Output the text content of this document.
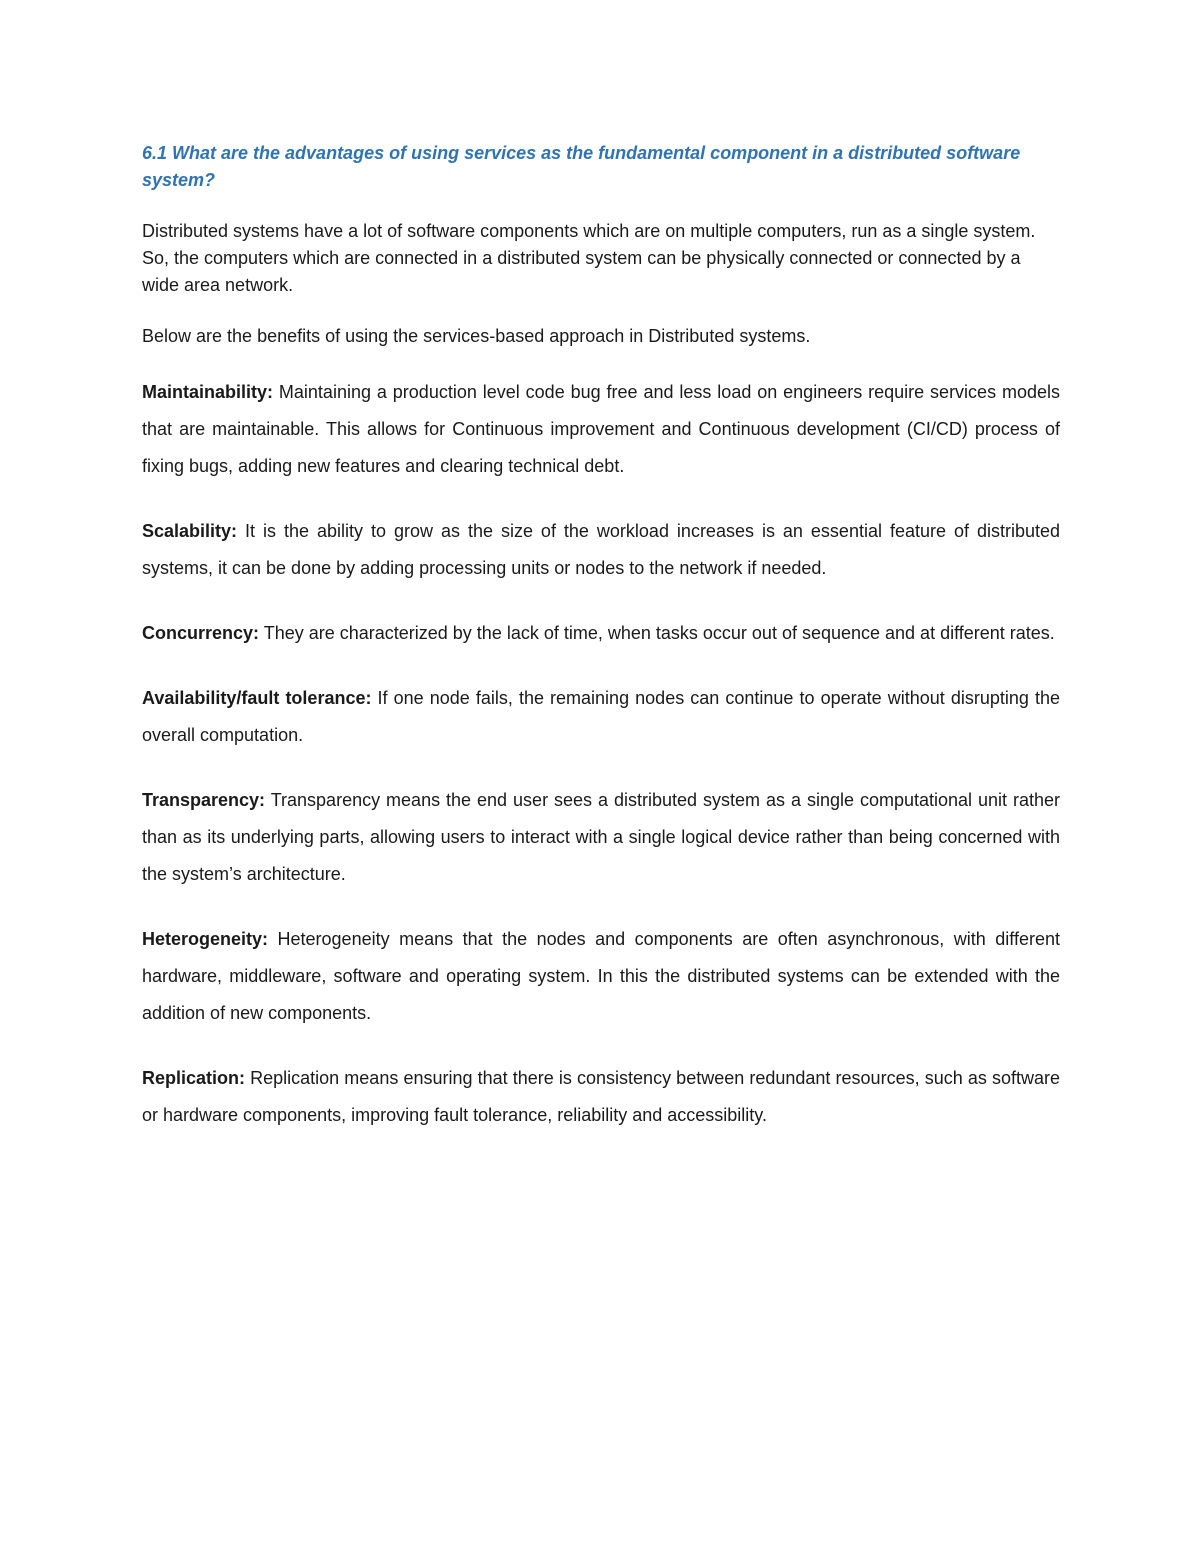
6.1 What are the advantages of using services as the fundamental component in a distributed software system?

Distributed systems have a lot of software components which are on multiple computers, run as a single system. So, the computers which are connected in a distributed system can be physically connected or connected by a wide area network.

Below are the benefits of using the services-based approach in Distributed systems.

Maintainability: Maintaining a production level code bug free and less load on engineers require services models that are maintainable. This allows for Continuous improvement and Continuous development (CI/CD) process of fixing bugs, adding new features and clearing technical debt.

Scalability: It is the ability to grow as the size of the workload increases is an essential feature of distributed systems, it can be done by adding processing units or nodes to the network if needed.

Concurrency: They are characterized by the lack of time, when tasks occur out of sequence and at different rates.

Availability/fault tolerance: If one node fails, the remaining nodes can continue to operate without disrupting the overall computation.

Transparency: Transparency means the end user sees a distributed system as a single computational unit rather than as its underlying parts, allowing users to interact with a single logical device rather than being concerned with the system’s architecture.

Heterogeneity: Heterogeneity means that the nodes and components are often asynchronous, with different hardware, middleware, software and operating system. In this the distributed systems can be extended with the addition of new components.

Replication: Replication means ensuring that there is consistency between redundant resources, such as software or hardware components, improving fault tolerance, reliability and accessibility.
